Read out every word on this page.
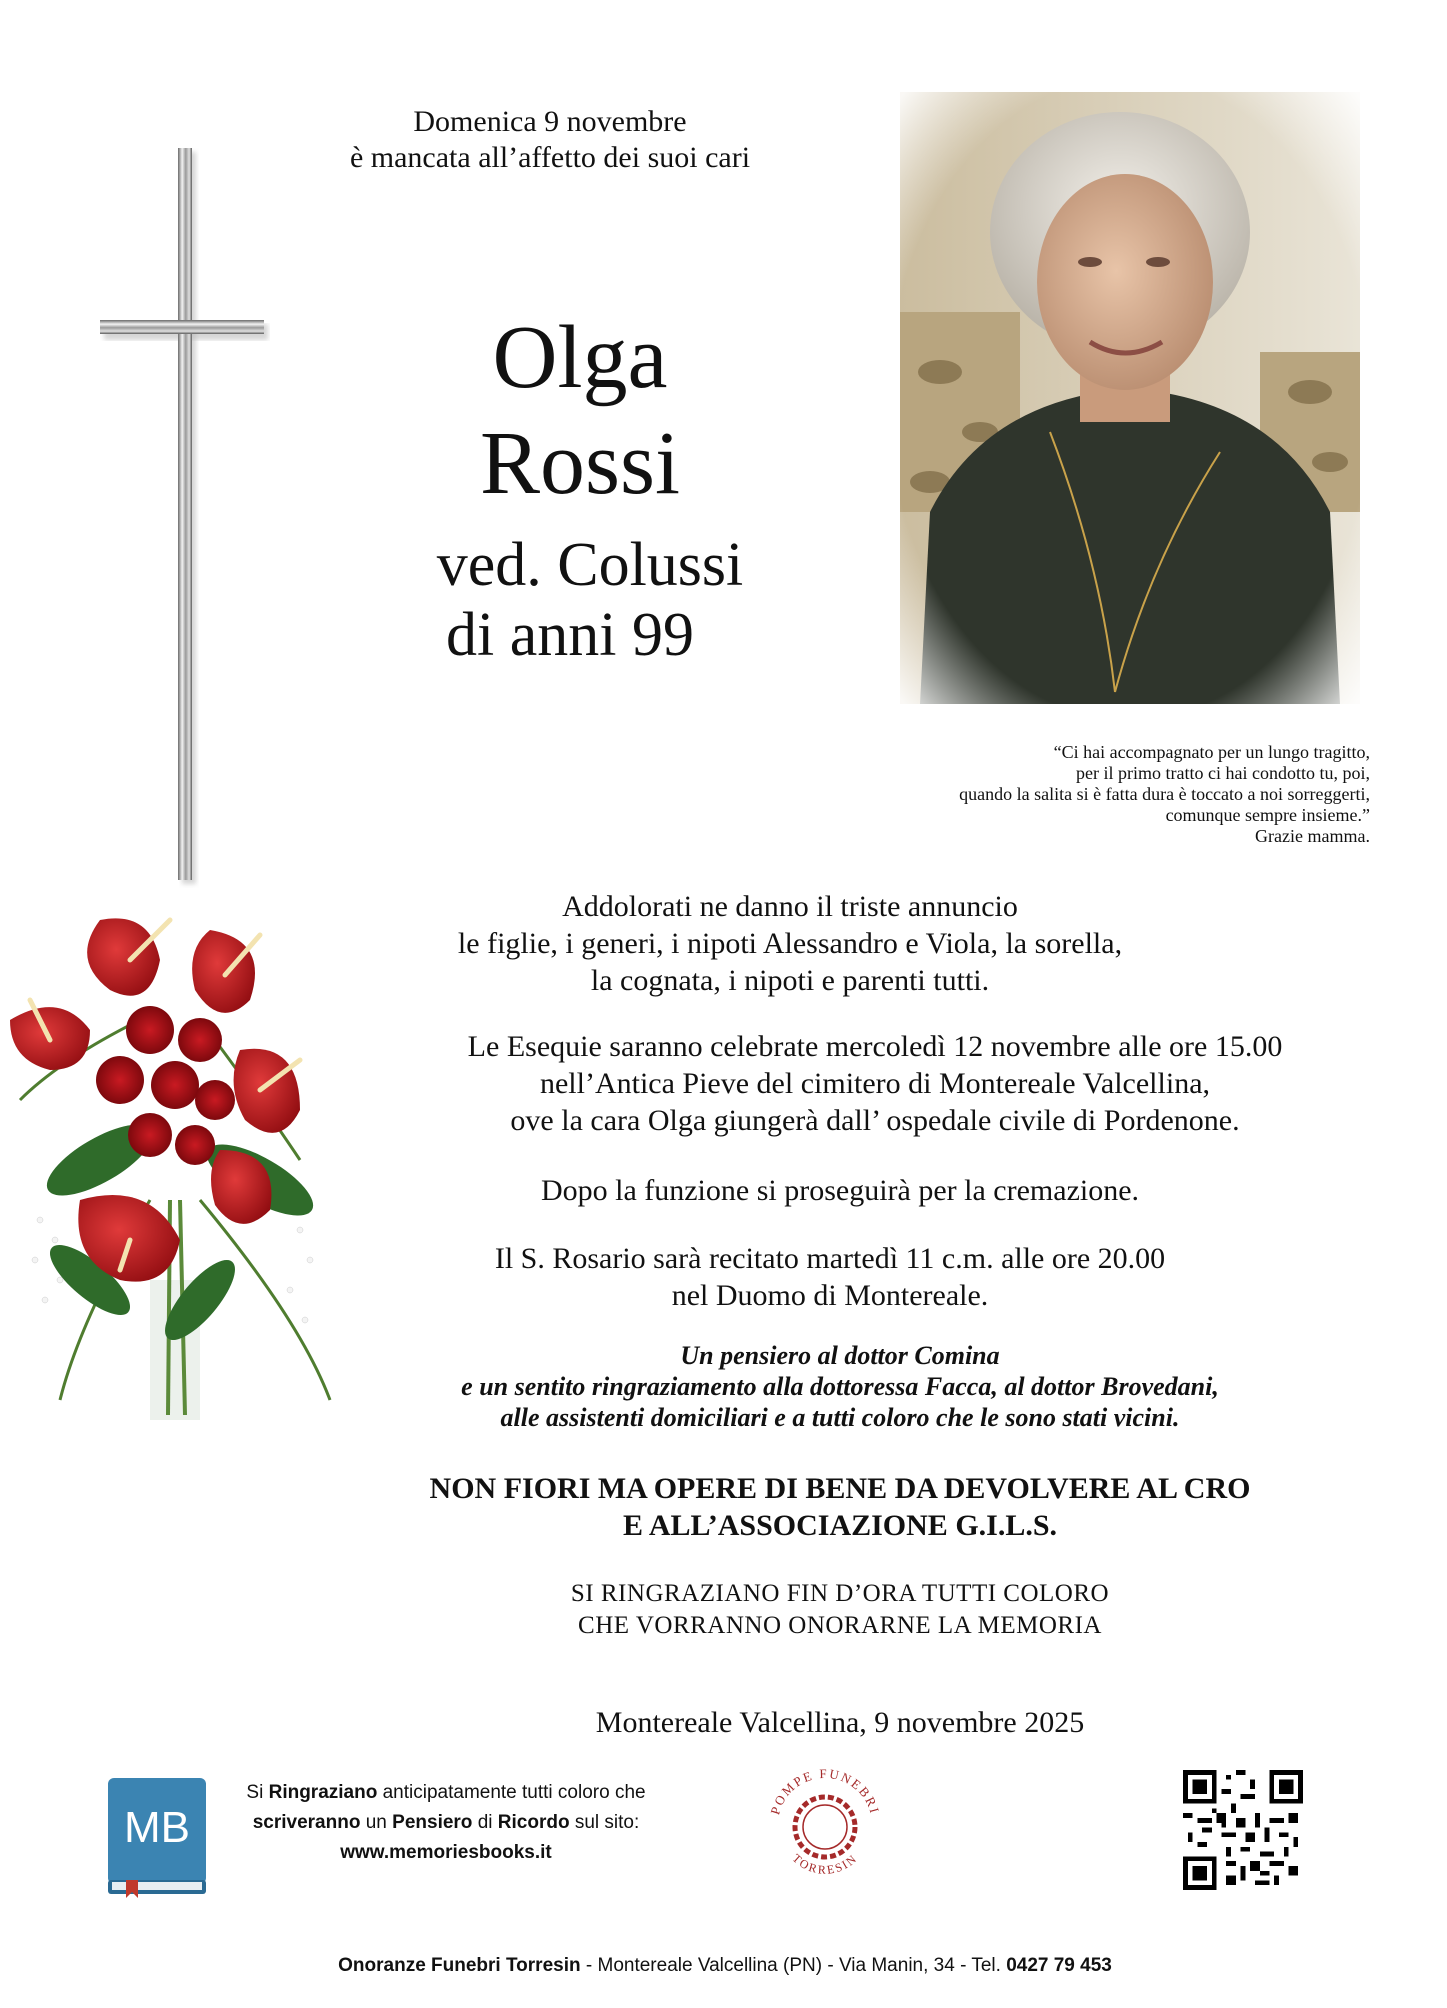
Domenica 9 novembre
è mancata all’affetto dei suoi cari
Olga
Rossi
ved. Colussi
di anni 99
“Ci hai accompagnato per un lungo tragitto,
per il primo tratto ci hai condotto tu, poi,
quando la salita si è fatta dura è toccato a noi sorreggerti,
comunque sempre insieme.”
Grazie mamma.
Addolorati ne danno il triste annuncio
le figlie, i generi, i nipoti Alessandro e Viola, la sorella,
la cognata, i nipoti e parenti tutti.
Le Esequie saranno celebrate mercoledì 12 novembre alle ore 15.00
nell’Antica Pieve del cimitero di Montereale Valcellina,
ove la cara Olga giungerà dall’ ospedale civile di Pordenone.
Dopo la funzione si proseguirà per la cremazione.
Il S. Rosario sarà recitato martedì 11 c.m. alle ore 20.00
nel Duomo di Montereale.
Un pensiero al dottor Comina
e un sentito ringraziamento alla dottoressa Facca, al dottor Brovedani,
alle assistenti domiciliari e a tutti coloro che le sono stati vicini.
NON FIORI MA OPERE DI BENE DA DEVOLVERE AL CRO
E ALL’ASSOCIAZIONE G.I.L.S.
SI RINGRAZIANO FIN D’ORA TUTTI COLORO
CHE VORRANNO ONORARNE LA MEMORIA
Montereale Valcellina, 9 novembre 2025
MB
Si Ringraziano anticipatamente tutti coloro che
scriveranno un Pensiero di Ricordo sul sito:
www.memoriesbooks.it
POMPE FUNEBRI
TORRESIN
Onoranze Funebri Torresin - Montereale Valcellina (PN) - Via Manin, 34 - Tel. 0427 79 453
